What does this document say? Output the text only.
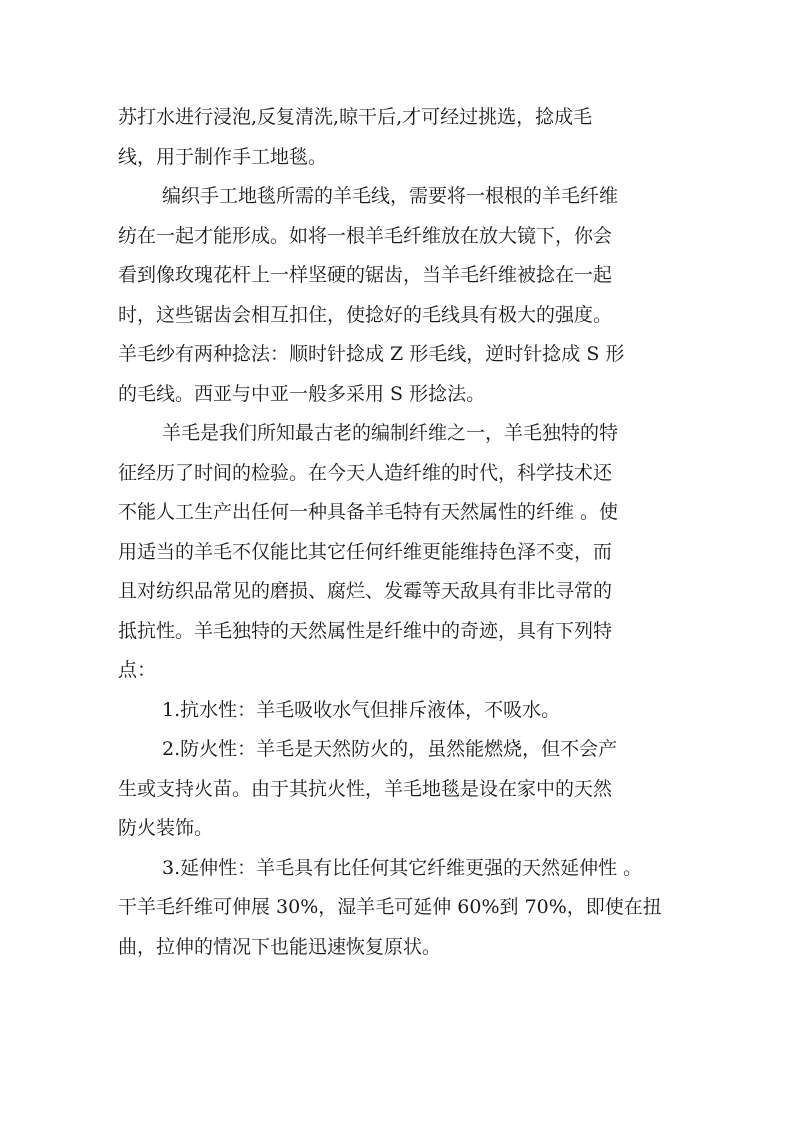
苏打水进行浸泡,反复清洗,晾干后,才可经过挑选，捻成毛
线，用于制作手工地毯。
编织手工地毯所需的羊毛线，需要将一根根的羊毛纤维
纺在一起才能形成。如将一根羊毛纤维放在放大镜下，你会
看到像玫瑰花杆上一样坚硬的锯齿，当羊毛纤维被捻在一起
时，这些锯齿会相互扣住，使捻好的毛线具有极大的强度。
羊毛纱有两种捻法：顺时针捻成 Z 形毛线，逆时针捻成 S 形
的毛线。西亚与中亚一般多采用 S 形捻法。
羊毛是我们所知最古老的编制纤维之一，羊毛独特的特
征经历了时间的检验。在今天人造纤维的时代，科学技术还
不能人工生产出任何一种具备羊毛特有天然属性的纤维 。使
用适当的羊毛不仅能比其它任何纤维更能维持色泽不变，而
且对纺织品常见的磨损、腐烂、发霉等天敌具有非比寻常的
抵抗性。羊毛独特的天然属性是纤维中的奇迹，具有下列特
点：
1.抗水性：羊毛吸收水气但排斥液体，不吸水。
2.防火性：羊毛是天然防火的，虽然能燃烧，但不会产
生或支持火苗。由于其抗火性，羊毛地毯是设在家中的天然
防火装饰。
3.延伸性：羊毛具有比任何其它纤维更强的天然延伸性 。
干羊毛纤维可伸展 30%，湿羊毛可延伸 60%到 70%，即使在扭
曲，拉伸的情况下也能迅速恢复原状。
